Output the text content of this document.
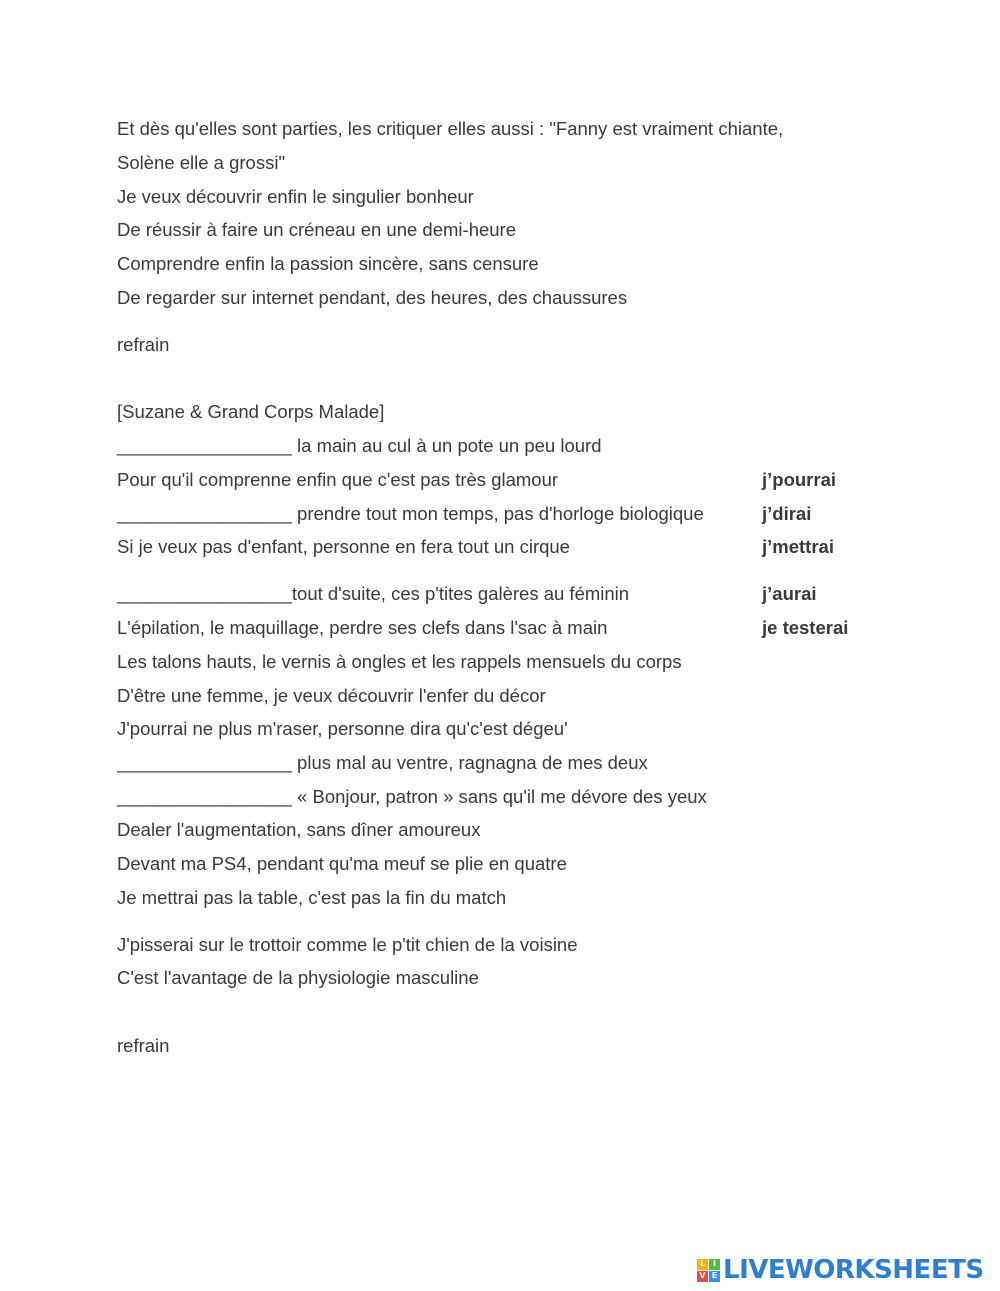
Et dès qu'elles sont parties, les critiquer elles aussi : "Fanny est vraiment chiante,
Solène elle a grossi"
Je veux découvrir enfin le singulier bonheur
De réussir à faire un créneau en une demi-heure
Comprendre enfin la passion sincère, sans censure
De regarder sur internet pendant, des heures, des chaussures
refrain
[Suzane & Grand Corps Malade]
_________________ la main au cul à un pote un peu lourd
Pour qu'il comprenne enfin que c'est pas très glamour
_________________ prendre tout mon temps, pas d'horloge biologique
Si je veux pas d'enfant, personne en fera tout un cirque
_________________tout d'suite, ces p'tites galères au féminin
L'épilation, le maquillage, perdre ses clefs dans l'sac à main
Les talons hauts, le vernis à ongles et les rappels mensuels du corps
D'être une femme, je veux découvrir l'enfer du décor
J'pourrai ne plus m'raser, personne dira qu'c'est dégeu'
_________________ plus mal au ventre, ragnagna de mes deux
_________________ « Bonjour, patron » sans qu'il me dévore des yeux
Dealer l'augmentation, sans dîner amoureux
Devant ma PS4, pendant qu'ma meuf se plie en quatre
Je mettrai pas la table, c'est pas la fin du match
J'pisserai sur le trottoir comme le p'tit chien de la voisine
C'est l'avantage de la physiologie masculine
refrain
j’pourrai
j’dirai
j’mettrai
j’aurai
je testerai
L I
V E LIVEWORKSHEETS
